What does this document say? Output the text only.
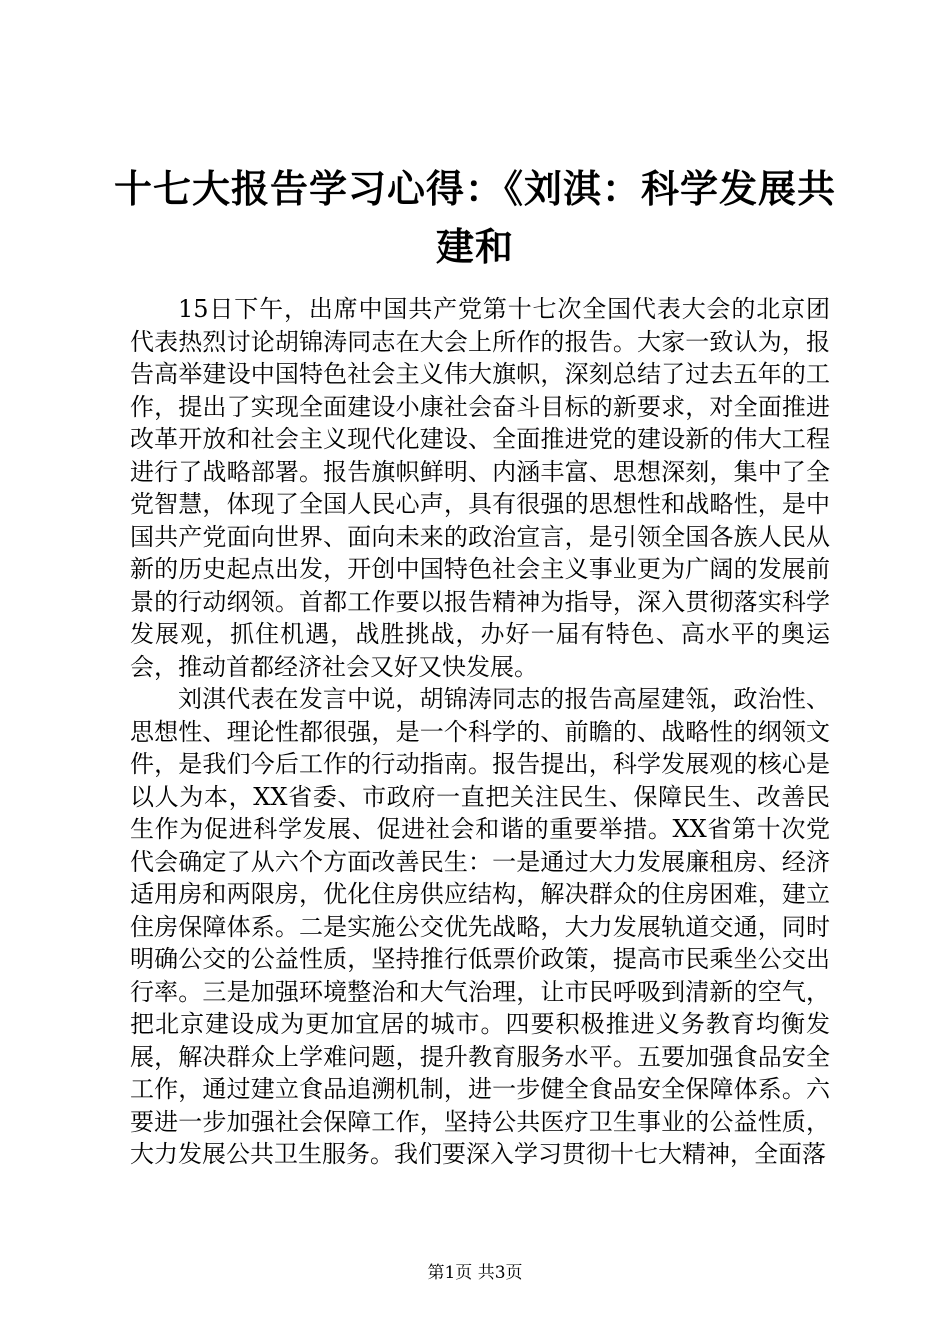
十七大报告学习心得：《刘淇：科学发展共建和

15日下午，出席中国共产党第十七次全国代表大会的北京团代表热烈讨论胡锦涛同志在大会上所作的报告。大家一致认为，报告高举建设中国特色社会主义伟大旗帜，深刻总结了过去五年的工作，提出了实现全面建设小康社会奋斗目标的新要求，对全面推进改革开放和社会主义现代化建设、全面推进党的建设新的伟大工程进行了战略部署。报告旗帜鲜明、内涵丰富、思想深刻，集中了全党智慧，体现了全国人民心声，具有很强的思想性和战略性，是中国共产党面向世界、面向未来的政治宣言，是引领全国各族人民从新的历史起点出发，开创中国特色社会主义事业更为广阔的发展前景的行动纲领。首都工作要以报告精神为指导，深入贯彻落实科学发展观，抓住机遇，战胜挑战，办好一届有特色、高水平的奥运会，推动首都经济社会又好又快发展。

刘淇代表在发言中说，胡锦涛同志的报告高屋建瓴，政治性、思想性、理论性都很强，是一个科学的、前瞻的、战略性的纲领文件，是我们今后工作的行动指南。报告提出，科学发展观的核心是以人为本，XX省委、市政府一直把关注民生、保障民生、改善民生作为促进科学发展、促进社会和谐的重要举措。XX省第十次党代会确定了从六个方面改善民生：一是通过大力发展廉租房、经济适用房和两限房，优化住房供应结构，解决群众的住房困难，建立住房保障体系。二是实施公交优先战略，大力发展轨道交通，同时明确公交的公益性质，坚持推行低票价政策，提高市民乘坐公交出行率。三是加强环境整治和大气治理，让市民呼吸到清新的空气，把北京建设成为更加宜居的城市。四要积极推进义务教育均衡发展，解决群众上学难问题，提升教育服务水平。五要加强食品安全工作，通过建立食品追溯机制，进一步健全食品安全保障体系。六要进一步加强社会保障工作，坚持公共医疗卫生事业的公益性质，大力发展公共卫生服务。我们要深入学习贯彻十七大精神，全面落

第1页 共3页
